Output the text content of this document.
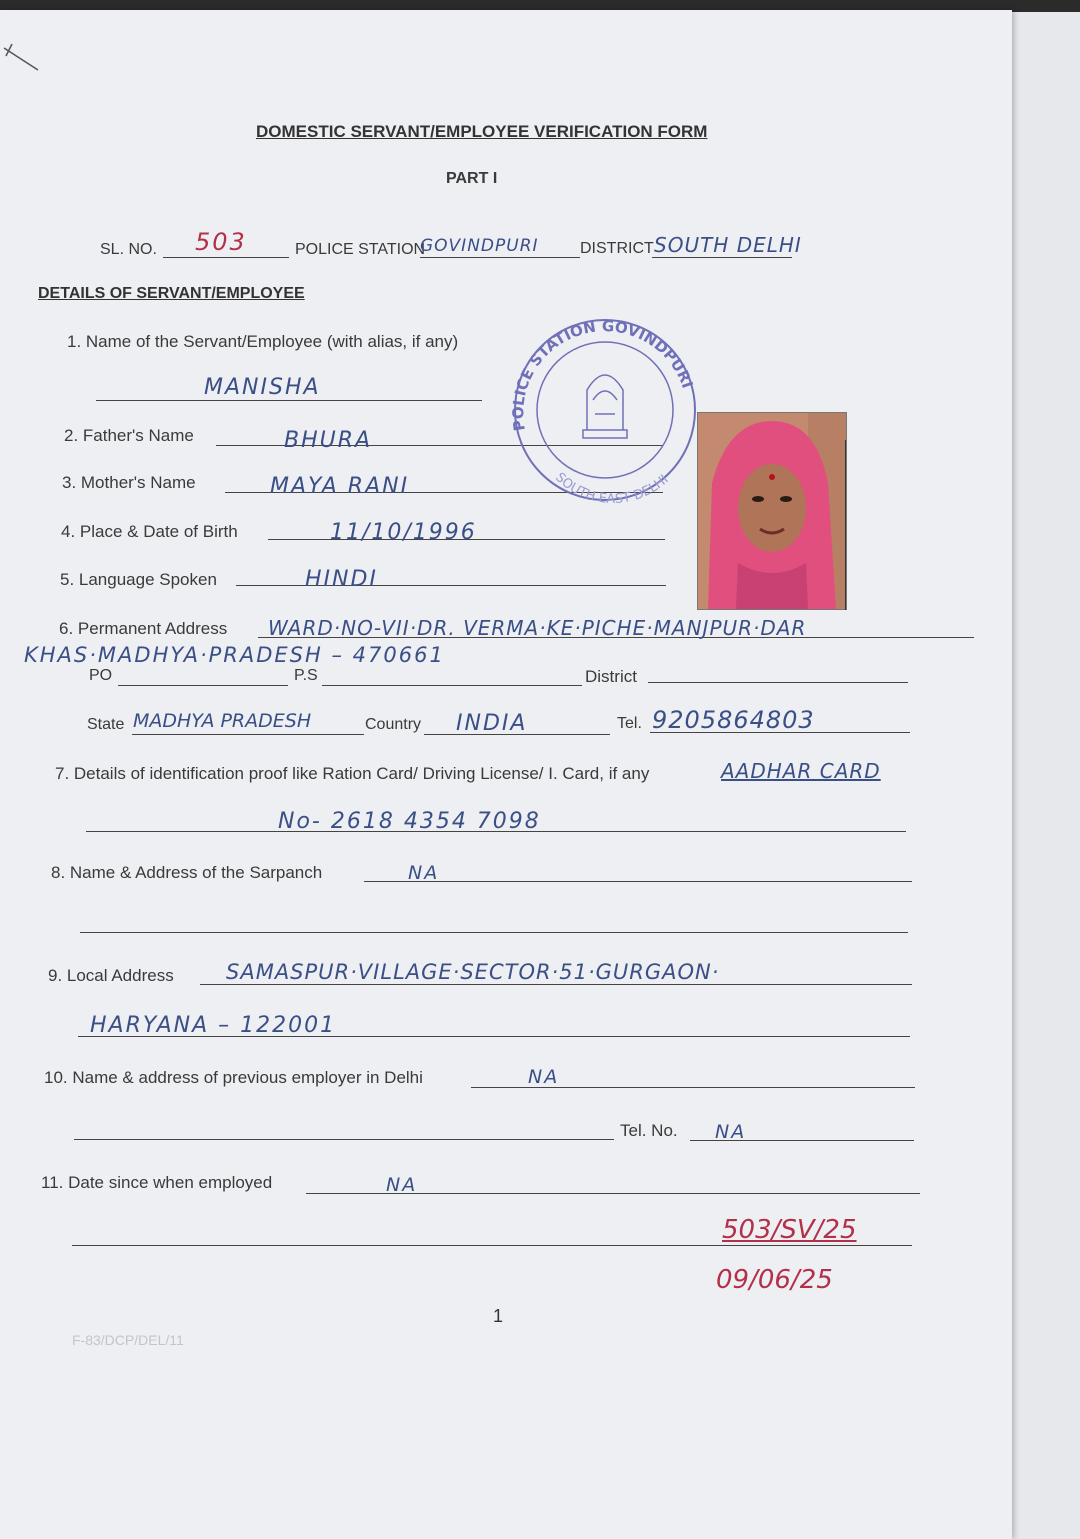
DOMESTIC SERVANT/EMPLOYEE VERIFICATION FORM
PART I
SL. NO. 503	POLICE STATION
GOVINDPURI	DISTRICT SOUTH DELHI
DETAILS OF SERVANT/EMPLOYEE
1. Name of the Servant/Employee (with alias, if any)
MANISHA
2. Father's Name	BHURA
3. Mother's Name	MAYA RANI
4. Place & Date of Birth	11/10/1996
5. Language Spoken	HINDI
POLICE STATION GOVINDPURI
SOUTH EAST DELHI
6. Permanent Address WARD·NO-VII·DR. VERMA·KE·PICHE·MANJPUR·DAR
KHAS·MADHYA·PRADESH – 470661
PO	P.S	District
State MADHYA PRADESH	Country INDIA	Tel. 9205864803
7. Details of identification proof like Ration Card/ Driving License/ I. Card, if any	AADHAR CARD
No- 2618 4354 7098
8. Name & Address of the Sarpanch	NA
9. Local Address SAMASPUR·VILLAGE·SECTOR·51·GURGAON·
HARYANA – 122001
10. Name & address of previous employer in Delhi	NA
Tel. No. NA
11. Date since when employed	NA
503/SV/25
09/06/25
1
F-83/DCP/DEL/11
